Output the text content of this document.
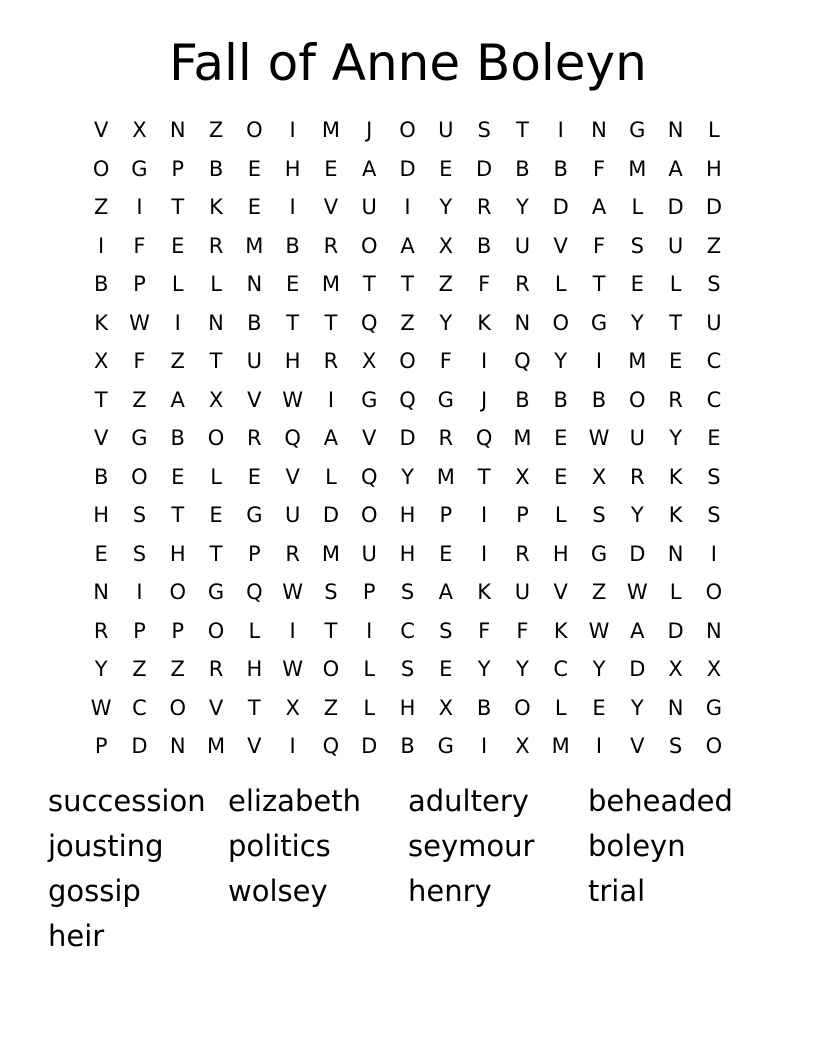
Fall of Anne Boleyn
V	X	N	Z	O	I	M	J	O	U	S	T	I	N	G	N	L
O	G	P	B	E	H	E	A	D	E	D	B	B	F	M	A	H
Z	I	T	K	E	I	V	U	I	Y	R	Y	D	A	L	D	D
I	F	E	R	M	B	R	O	A	X	B	U	V	F	S	U	Z
B	P	L	L	N	E	M	T	T	Z	F	R	L	T	E	L	S
K	W	I	N	B	T	T	Q	Z	Y	K	N	O	G	Y	T	U
X	F	Z	T	U	H	R	X	O	F	I	Q	Y	I	M	E	C
T	Z	A	X	V W	I	G	Q	G	J	B	B	B	O	R	C
V	G	B	O	R	Q	A	V	D	R	Q M	E	W U	Y	E
B	O	E	L	E	V	L	Q	Y	M	T	X	E	X	R	K	S
H	S	T	E	G	U	D	O	H	P	I	P	L	S	Y	K	S
E	S	H	T	P	R	M	U	H	E	I	R	H	G	D	N	I
N	I	O	G	Q W	S	P	S	A	K	U	V	Z W	L	O
R	P	P	O	L	I	T	I	C	S	F	F	K	W A	D	N
Y	Z	Z	R	H W O	L	S	E	Y	Y	C	Y	D	X	X
W C	O	V	T	X	Z	L	H	X	B	O	L	E	Y	N	G
P	D	N	M	V	I	Q	D	B	G	I	X	M	I	V	S	O
succession elizabeth	adultery	beheaded
jousting	politics	seymour	boleyn
gossip	wolsey	henry	trial
heir
